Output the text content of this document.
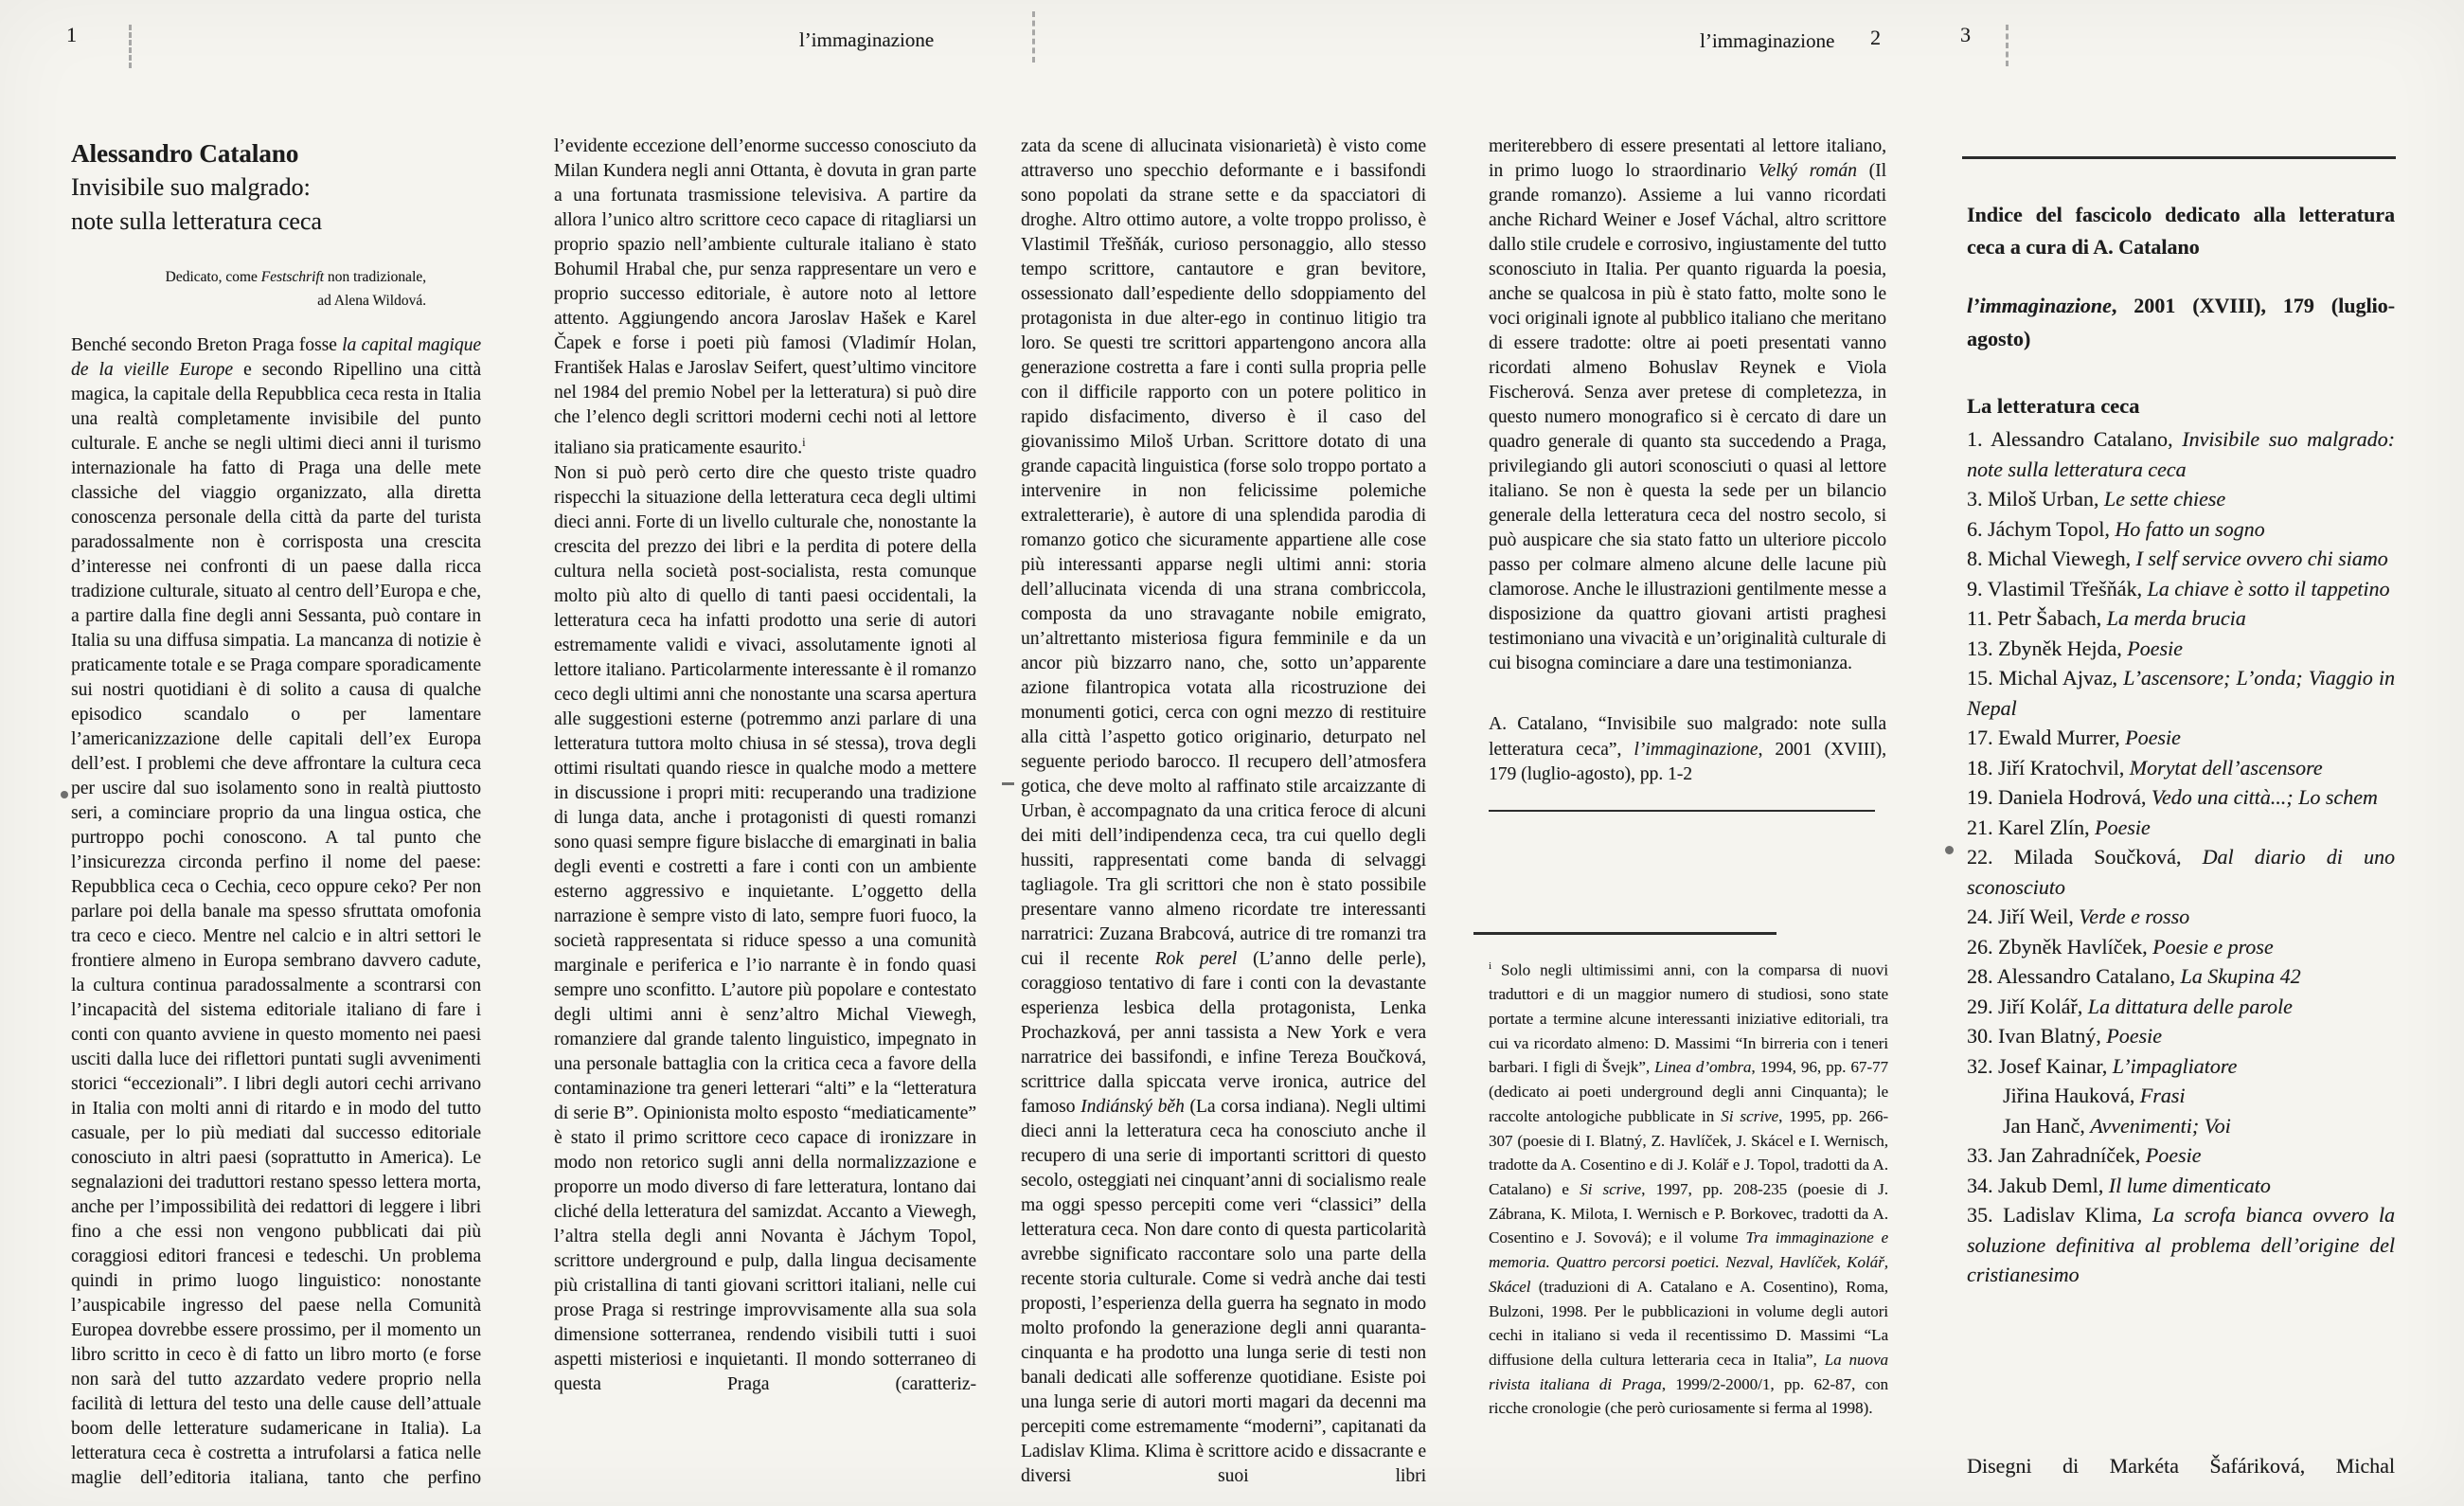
1	l’immaginazione	l’immaginazione 2	3
Alessandro Catalano
Invisibile suo malgrado:
note sulla letteratura ceca
Dedicato, come Festschrift non tradizionale,
ad Alena Wildová.
Benché secondo Breton Praga fosse la capital magique de la vieille Europe e secondo Ripellino una città magica, la capitale della Repubblica ceca resta in Italia una realtà completamente invisibile del punto culturale. E anche se negli ultimi dieci anni il turismo internazionale ha fatto di Praga una delle mete classiche del viaggio organizzato, alla diretta conoscenza personale della città da parte del turista paradossalmente non è corrisposta una crescita d’interesse nei confronti di un paese dalla ricca tradizione culturale, situato al centro dell’Europa e che, a partire dalla fine degli anni Sessanta, può contare in Italia su una diffusa simpatia. La mancanza di notizie è praticamente totale e se Praga compare sporadicamente sui nostri quotidiani è di solito a causa di qualche episodico scandalo o per lamentare l’americanizzazione delle capitali dell’ex Europa dell’est. I problemi che deve affrontare la cultura ceca per uscire dal suo isolamento sono in realtà piuttosto seri, a cominciare proprio da una lingua ostica, che purtroppo pochi conoscono. A tal punto che l’insicurezza circonda perfino il nome del paese: Repubblica ceca o Cechia, ceco oppure ceko? Per non parlare poi della banale ma spesso sfruttata omofonia tra ceco e cieco. Mentre nel calcio e in altri settori le frontiere almeno in Europa sembrano davvero cadute, la cultura continua paradossalmente a scontrarsi con l’incapacità del sistema editoriale italiano di fare i conti con quanto avviene in questo momento nei paesi usciti dalla luce dei riflettori puntati sugli avvenimenti storici “eccezionali”. I libri degli autori cechi arrivano in Italia con molti anni di ritardo e in modo del tutto casuale, per lo più mediati dal successo editoriale conosciuto in altri paesi (soprattutto in America). Le segnalazioni dei traduttori restano spesso lettera morta, anche per l’impossibilità dei redattori di leggere i libri fino a che essi non vengono pubblicati dai più coraggiosi editori francesi e tedeschi. Un problema quindi in primo luogo linguistico: nonostante l’auspicabile ingresso del paese nella Comunità Europea dovrebbe essere prossimo, per il momento un libro scritto in ceco è di fatto un libro morto (e forse non sarà del tutto azzardato vedere proprio nella facilità di lettura del testo una delle cause dell’attuale boom delle letterature sudamericane in Italia). La letteratura ceca è costretta a intrufolarsi a fatica nelle maglie dell’editoria italiana, tanto che perfino

l’evidente eccezione dell’enorme successo conosciuto da Milan Kundera negli anni Ottanta, è dovuta in gran parte a una fortunata trasmissione televisiva. A partire da allora l’unico altro scrittore ceco capace di ritagliarsi un proprio spazio nell’ambiente culturale italiano è stato Bohumil Hrabal che, pur senza rappresentare un vero e proprio successo editoriale, è autore noto al lettore attento. Aggiungendo ancora Jaroslav Hašek e Karel Čapek e forse i poeti più famosi (Vladimír Holan, František Halas e Jaroslav Seifert, quest’ultimo vincitore nel 1984 del premio Nobel per la letteratura) si può dire che l’elenco degli scrittori moderni cechi noti al lettore italiano sia praticamente esaurito.$^i$

Non si può però certo dire che questo triste quadro rispecchi la situazione della letteratura ceca degli ultimi dieci anni. Forte di un livello culturale che, nonostante la crescita del prezzo dei libri e la perdita di potere della cultura nella società post-socialista, resta comunque molto più alto di quello di tanti paesi occidentali, la letteratura ceca ha infatti prodotto una serie di autori estremamente validi e vivaci, assolutamente ignoti al lettore italiano. Particolarmente interessante è il romanzo ceco degli ultimi anni che nonostante una scarsa apertura alle suggestioni esterne (potremmo anzi parlare di una letteratura tuttora molto chiusa in sé stessa), trova degli ottimi risultati quando riesce in qualche modo a mettere in discussione i propri miti: recuperando una tradizione di lunga data, anche i protagonisti di questi romanzi sono quasi sempre figure bislacche di emarginati in balia degli eventi e costretti a fare i conti con un ambiente esterno aggressivo e inquietante. L’oggetto della narrazione è sempre visto di lato, sempre fuori fuoco, la società rappresentata si riduce spesso a una comunità marginale e periferica e l’io narrante è in fondo quasi sempre uno sconfitto. L’autore più popolare e contestato degli ultimi anni è senz’altro Michal Viewegh, romanziere dal grande talento linguistico, impegnato in una personale battaglia con la critica ceca a favore della contaminazione tra generi letterari “alti” e la “letteratura di serie B”. Opinionista molto esposto “mediaticamente” è stato il primo scrittore ceco capace di ironizzare in modo non retorico sugli anni della normalizzazione e proporre un modo diverso di fare letteratura, lontano dai cliché della letteratura del samizdat. Accanto a Viewegh, l’altra stella degli anni Novanta è Jáchym Topol, scrittore underground e pulp, dalla lingua decisamente più cristallina di tanti giovani scrittori italiani, nelle cui prose Praga si restringe improvvisamente alla sua sola dimensione sotterranea, rendendo visibili tutti i suoi aspetti misteriosi e inquietanti. Il mondo sotterraneo di questa Praga (caratteriz-

zata da scene di allucinata visionarietà) è visto come attraverso uno specchio deformante e i bassifondi sono popolati da strane sette e da spacciatori di droghe. Altro ottimo autore, a volte troppo prolisso, è Vlastimil Třešňák, curioso personaggio, allo stesso tempo scrittore, cantautore e gran bevitore, ossessionato dall’espediente dello sdoppiamento del protagonista in due alter-ego in continuo litigio tra loro. Se questi tre scrittori appartengono ancora alla generazione costretta a fare i conti sulla propria pelle con il difficile rapporto con un potere politico in rapido disfacimento, diverso è il caso del giovanissimo Miloš Urban. Scrittore dotato di una grande capacità linguistica (forse solo troppo portato a intervenire in non felicissime polemiche extraletterarie), è autore di una splendida parodia di romanzo gotico che sicuramente appartiene alle cose più interessanti apparse negli ultimi anni: storia dell’allucinata vicenda di una strana combriccola, composta da uno stravagante nobile emigrato, un’altrettanto misteriosa figura femminile e da un ancor più bizzarro nano, che, sotto un’apparente azione filantropica votata alla ricostruzione dei monumenti gotici, cerca con ogni mezzo di restituire alla città l’aspetto gotico originario, deturpato nel seguente periodo barocco. Il recupero dell’atmosfera gotica, che deve molto al raffinato stile arcaizzante di Urban, è accompagnato da una critica feroce di alcuni dei miti dell’indipendenza ceca, tra cui quello degli hussiti, rappresentati come banda di selvaggi tagliagole. Tra gli scrittori che non è stato possibile presentare vanno almeno ricordate tre interessanti narratrici: Zuzana Brabcová, autrice di tre romanzi tra cui il recente Rok perel (L’anno delle perle), coraggioso tentativo di fare i conti con la devastante esperienza lesbica della protagonista, Lenka Prochazková, per anni tassista a New York e vera narratrice dei bassifondi, e infine Tereza Boučková, scrittrice dalla spiccata verve ironica, autrice del famoso Indiánský běh (La corsa indiana). Negli ultimi dieci anni la letteratura ceca ha conosciuto anche il recupero di una serie di importanti scrittori di questo secolo, osteggiati nei cinquant’anni di socialismo reale ma oggi spesso percepiti come veri “classici” della letteratura ceca. Non dare conto di questa particolarità avrebbe significato raccontare solo una parte della recente storia culturale. Come si vedrà anche dai testi proposti, l’esperienza della guerra ha segnato in modo molto profondo la generazione degli anni quaranta-cinquanta e ha prodotto una lunga serie di testi non banali dedicati alle sofferenze quotidiane. Esiste poi una lunga serie di autori morti magari da decenni ma percepiti come estremamente “moderni”, capitanati da Ladislav Klima. Klima è scrittore acido e dissacrante e diversi suoi libri

meriterebbero di essere presentati al lettore italiano, in primo luogo lo straordinario Velký román (Il grande romanzo). Assieme a lui vanno ricordati anche Richard Weiner e Josef Váchal, altro scrittore dallo stile crudele e corrosivo, ingiustamente del tutto sconosciuto in Italia. Per quanto riguarda la poesia, anche se qualcosa in più è stato fatto, molte sono le voci originali ignote al pubblico italiano che meritano di essere tradotte: oltre ai poeti presentati vanno ricordati almeno Bohuslav Reynek e Viola Fischerová. Senza aver pretese di completezza, in questo numero monografico si è cercato di dare un quadro generale di quanto sta succedendo a Praga, privilegiando gli autori sconosciuti o quasi al lettore italiano. Se non è questa la sede per un bilancio generale della letteratura ceca del nostro secolo, si può auspicare che sia stato fatto un ulteriore piccolo passo per colmare almeno alcune delle lacune più clamorose. Anche le illustrazioni gentilmente messe a disposizione da quattro giovani artisti praghesi testimoniano una vivacità e un’originalità culturale di cui bisogna cominciare a dare una testimonianza.

A. Catalano, “Invisibile suo malgrado: note sulla letteratura ceca”, l’immaginazione, 2001 (XVIII), 179 (luglio-agosto), pp. 1-2
$^i$ Solo negli ultimissimi anni, con la comparsa di nuovi traduttori e di un maggior numero di studiosi, sono state portate a termine alcune interessanti iniziative editoriali, tra cui va ricordato almeno: D. Massimi “In birreria con i teneri barbari. I figli di Švejk”, Linea d’ombra, 1994, 96, pp. 67-77 (dedicato ai poeti underground degli anni Cinquanta); le raccolte antologiche pubblicate in Si scrive, 1995, pp. 266-307 (poesie di I. Blatný, Z. Havlíček, J. Skácel e I. Wernisch, tradotte da A. Cosentino e di J. Kolář e J. Topol, tradotti da A. Catalano) e Si scrive, 1997, pp. 208-235 (poesie di J. Zábrana, K. Milota, I. Wernisch e P. Borkovec, tradotti da A. Cosentino e J. Sovová); e il volume Tra immaginazione e memoria. Quattro percorsi poetici. Nezval, Havlíček, Kolář, Skácel (traduzioni di A. Catalano e A. Cosentino), Roma, Bulzoni, 1998. Per le pubblicazioni in volume degli autori cechi in italiano si veda il recentissimo D. Massimi “La diffusione della cultura letteraria ceca in Italia”, La nuova rivista italiana di Praga, 1999/2-2000/1, pp. 62-87, con ricche cronologie (che però curiosamente si ferma al 1998).
Indice del fascicolo dedicato alla letteratura ceca a cura di A. Catalano
l’immaginazione, 2001 (XVIII), 179 (luglio-agosto)
La letteratura ceca

1. Alessandro Catalano, Invisibile suo malgrado: note sulla letteratura ceca

3. Miloš Urban, Le sette chiese

6. Jáchym Topol, Ho fatto un sogno

8. Michal Viewegh, I self service ovvero chi siamo

9. Vlastimil Třešňák, La chiave è sotto il tappetino

11. Petr Šabach, La merda brucia

13. Zbyněk Hejda, Poesie

15. Michal Ajvaz, L’ascensore; L’onda; Viaggio in Nepal

17. Ewald Murrer, Poesie

18. Jiří Kratochvil, Morytat dell’ascensore

19. Daniela Hodrová, Vedo una città...; Lo schem

21. Karel Zlín, Poesie

22. Milada Součková, Dal diario di uno sconosciuto

24. Jiří Weil, Verde e rosso

26. Zbyněk Havlíček, Poesie e prose

28. Alessandro Catalano, La Skupina 42

29. Jiří Kolář, La dittatura delle parole

30. Ivan Blatný, Poesie

32. Josef Kainar, L’impagliatore

Jiřina Hauková, Frasi

Jan Hanč, Avvenimenti; Voi

33. Jan Zahradníček, Poesie

34. Jakub Deml, Il lume dimenticato

35. Ladislav Klima, La scrofa bianca ovvero la soluzione definitiva al problema dell’origine del cristianesimo

Disegni di Markéta Šafáriková, Michal
